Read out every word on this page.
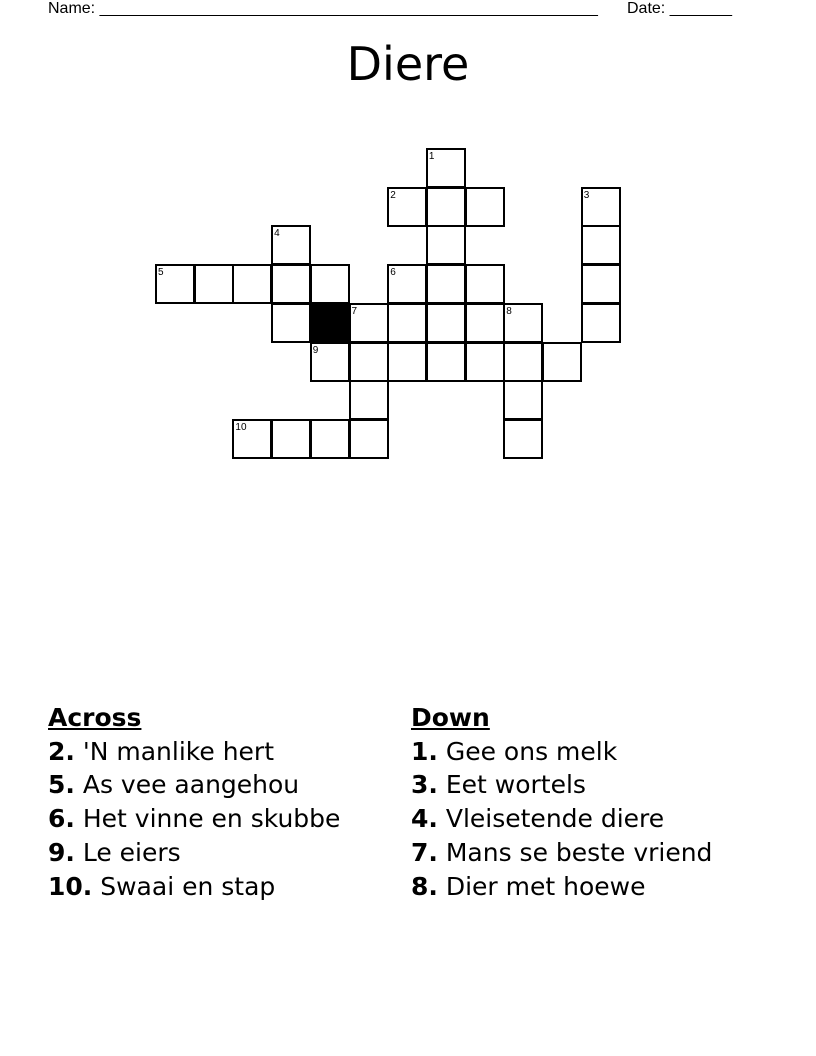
Name: ________________________________________________________ Date: _______
Diere
1
2	3
4
5	6
7	8
9
10
Across
2. 'N manlike hert
5. As vee aangehou
6. Het vinne en skubbe
9. Le eiers
10. Swaai en stap
Down
1. Gee ons melk
3. Eet wortels
4. Vleisetende diere
7. Mans se beste vriend
8. Dier met hoewe
